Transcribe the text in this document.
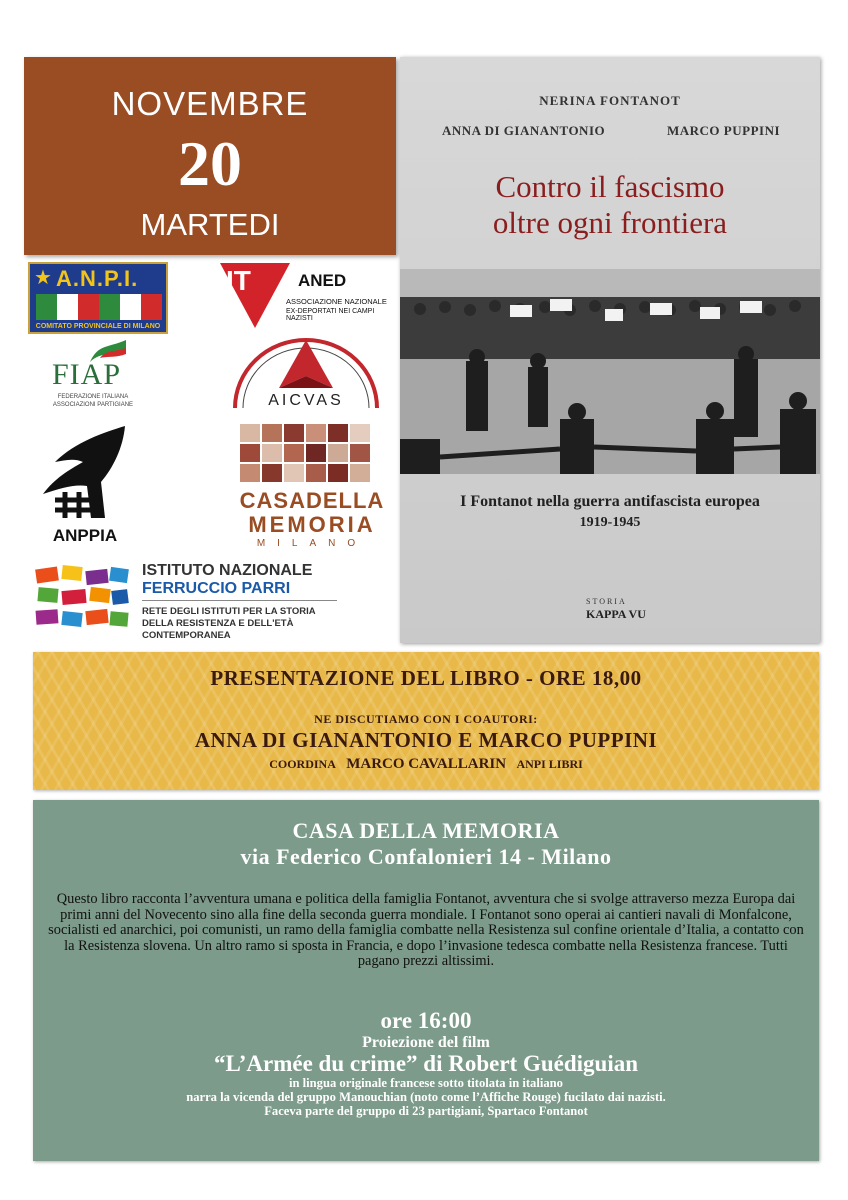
NOVEMBRE
20
MARTEDI
NERINA FONTANOT
ANNA DI GIANANTONIO	MARCO PUPPINI
Contro il fascismo
oltre ogni frontiera
I Fontanot nella guerra antifascista europea
1919-1945
STORIA
KAPPA VU
★ A.N.P.I.
COMITATO PROVINCIALE DI MILANO
IT	ANED
ASSOCIAZIONE NAZIONALE
EX-DEPORTATI NEI CAMPI NAZISTI
FIAP
FEDERAZIONE ITALIANA
ASSOCIAZIONI PARTIGIANE	AICVAS
ANPPIA
CASADELLA
MEMORIA
MILANO
ISTITUTO NAZIONALE
FERRUCCIO PARRI
RETE DEGLI ISTITUTI PER LA STORIA
DELLA RESISTENZA E DELL'ETÀ
CONTEMPORANEA
PRESENTAZIONE DEL LIBRO - ORE 18,00
NE DISCUTIAMO CON I COAUTORI:
ANNA DI GIANANTONIO E MARCO PUPPINI
COORDINA MARCO CAVALLARIN ANPI LIBRI
CASA DELLA MEMORIA
via Federico Confalonieri 14 - Milano
Questo libro racconta l’avventura umana e politica della famiglia Fontanot, avventura che si svolge attraverso mezza Europa dai primi anni del Novecento sino alla fine della seconda guerra mondiale. I Fontanot sono operai ai cantieri navali di Monfalcone, socialisti ed anarchici, poi comunisti, un ramo della famiglia combatte nella Resistenza sul confine orientale d’Italia, a contatto con la Resistenza slovena. Un altro ramo si sposta in Francia, e dopo l’invasione tedesca combatte nella Resistenza francese. Tutti pagano prezzi altissimi.
ore 16:00
Proiezione del film
“L’Armée du crime” di Robert Guédiguian
in lingua originale francese sotto titolata in italiano
narra la vicenda del gruppo Manouchian (noto come l’Affiche Rouge) fucilato dai nazisti.
Faceva parte del gruppo di 23 partigiani, Spartaco Fontanot
